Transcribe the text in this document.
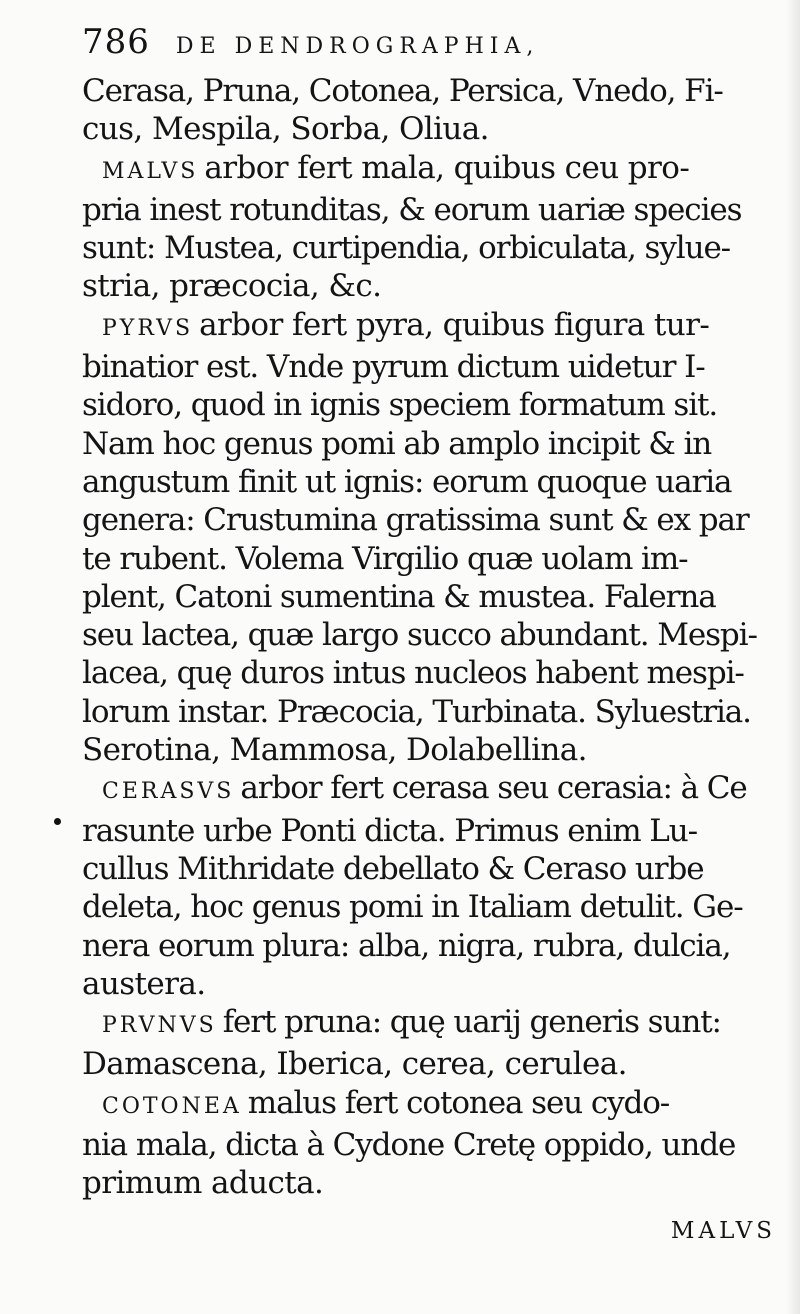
786 DE DENDROGRAPHIA,
Cerasa, Pruna, Cotonea, Persica, Vnedo, Fi-
cus, Mespila, Sorba, Oliua.
MALVS arbor fert mala, quibus ceu pro-
pria inest rotunditas, & eorum uariæ species
sunt: Mustea, curtipendia, orbiculata, sylue-
stria, præcocia, &c.
PYRVS arbor fert pyra, quibus figura tur-
binatior est. Vnde pyrum dictum uidetur I-
sidoro, quod in ignis speciem formatum sit.
Nam hoc genus pomi ab amplo incipit & in
angustum finit ut ignis: eorum quoque uaria
genera: Crustumina gratissima sunt & ex par
te rubent. Volema Virgilio quæ uolam im-
plent, Catoni sumentina & mustea. Falerna
seu lactea, quæ largo succo abundant. Mespi-
lacea, quę duros intus nucleos habent mespi-
lorum instar. Præcocia, Turbinata. Syluestria.
Serotina, Mammosa, Dolabellina.
CERASVS arbor fert cerasa seu cerasia: à Ce
rasunte urbe Ponti dicta. Primus enim Lu-
cullus Mithridate debellato & Ceraso urbe
deleta, hoc genus pomi in Italiam detulit. Ge-
nera eorum plura: alba, nigra, rubra, dulcia,
austera.
PRVNVS fert pruna: quę uarij generis sunt:
Damascena, Iberica, cerea, cerulea.
COTONEA malus fert cotonea seu cydo-
nia mala, dicta à Cydone Cretę oppido, unde
primum aducta.
MALVS
